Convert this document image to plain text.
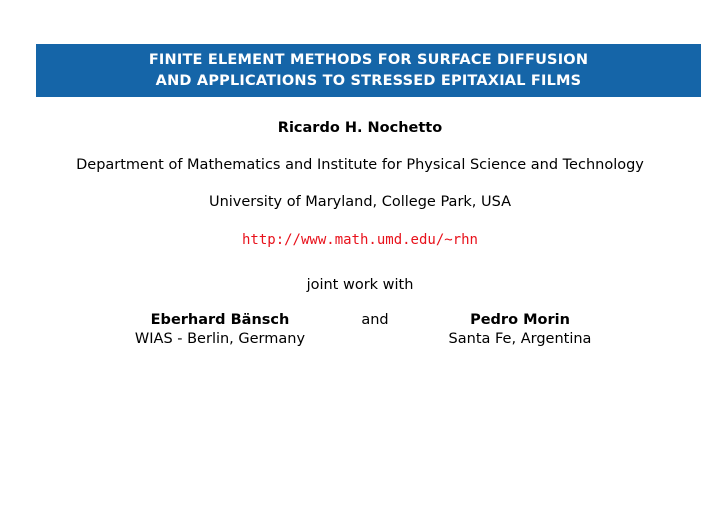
FINITE ELEMENT METHODS FOR SURFACE DIFFUSION
AND APPLICATIONS TO STRESSED EPITAXIAL FILMS
Ricardo H. Nochetto
Department of Mathematics and Institute for Physical Science and Technology
University of Maryland, College Park, USA
http://www.math.umd.edu/~rhn
joint work with
Eberhard Bänsch
WIAS - Berlin, Germany
and	Pedro Morin
Santa Fe, Argentina
